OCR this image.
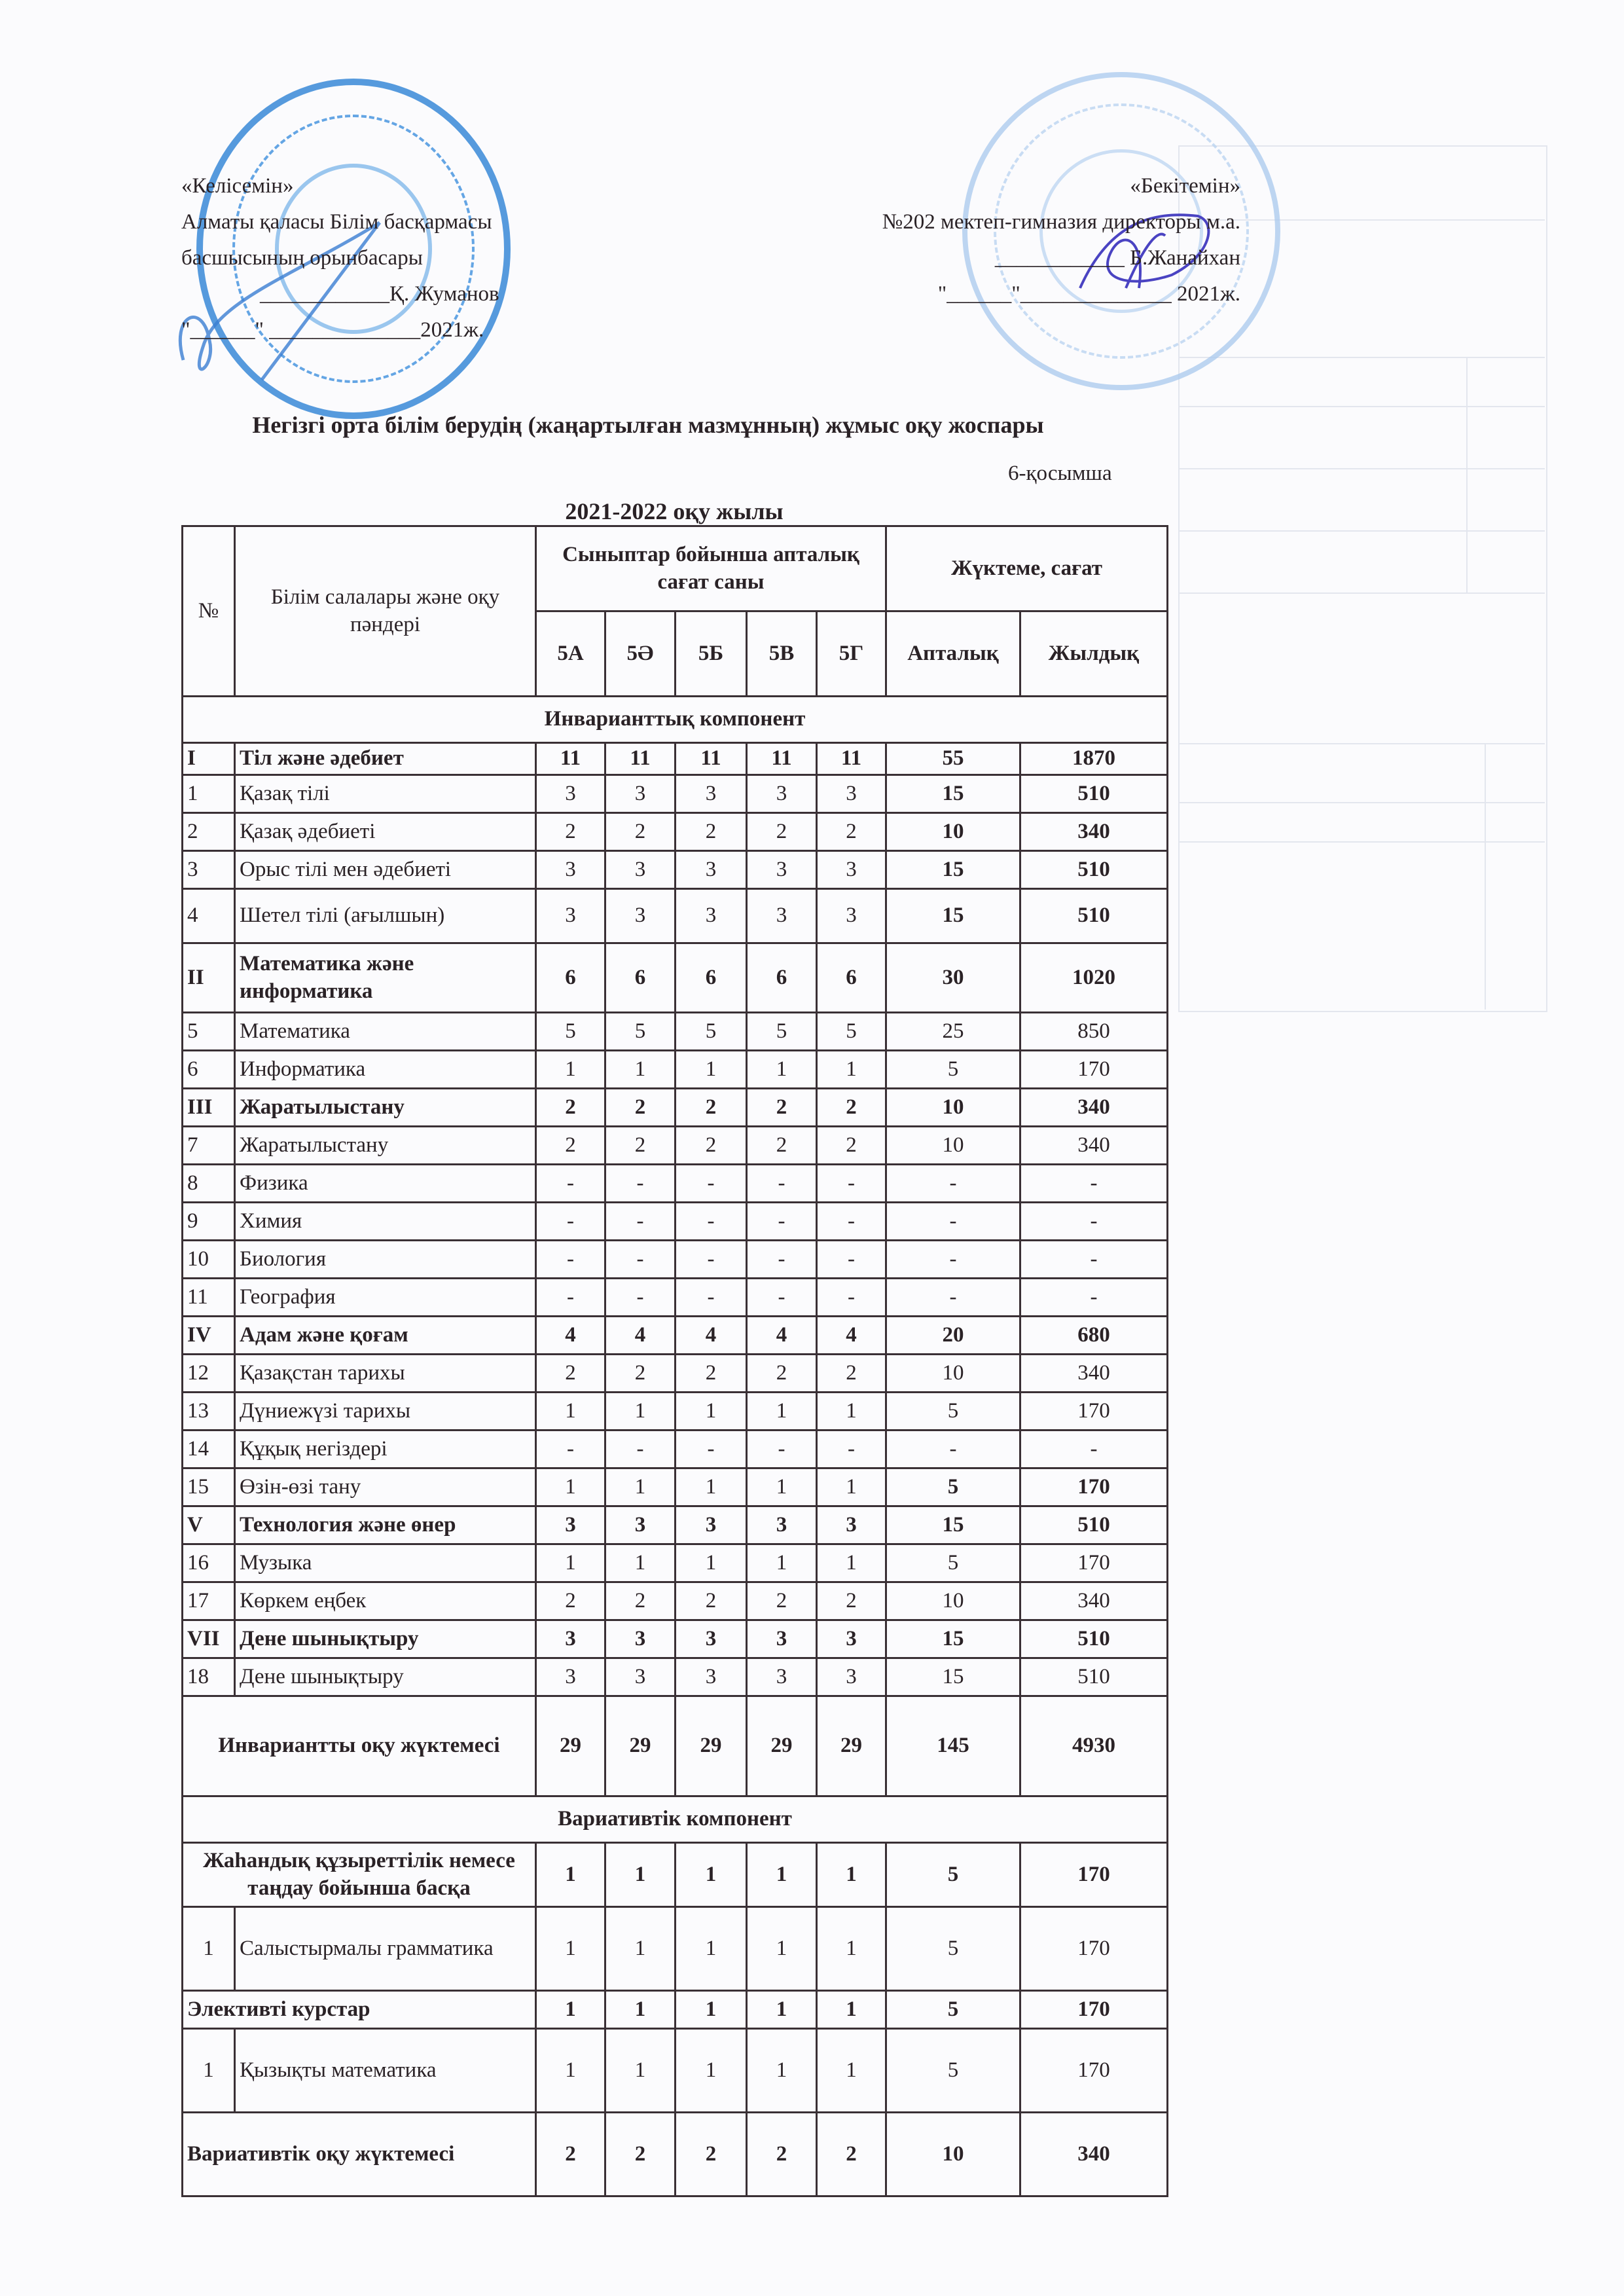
«Келісемін»
Алматы қаласы Білім басқармасы
басшысының орынбасары
____________Қ. Жуманов
"______" ______________2021ж.
«Бекітемін»
№202 мектеп-гимназия директоры м.а.
____________ Б.Жанайхан
"______"______________ 2021ж.
Негізгі орта білім берудің (жаңартылған мазмұнның) жұмыс оқу жоспары
6-қосымша
2021-2022 оқу жылы
№	Білім салалары және оқу пәндері	Сыныптар бойынша апталық сағат саны					Жүктеме, сағат	
		5А	5Ә	5Б	5В	5Г	Апталық	Жылдық
Инварианттық компонент								
I	Тіл және әдебиет	11	11	11	11	11	55	1870
1	Қазақ тілі	3	3	3	3	3	15	510
2	Қазақ әдебиеті	2	2	2	2	2	10	340
3	Орыс тілі мен әдебиеті	3	3	3	3	3	15	510
4	Шетел тілі (ағылшын)	3	3	3	3	3	15	510
II	Математика және информатика	6	6	6	6	6	30	1020
5	Математика	5	5	5	5	5	25	850
6	Информатика	1	1	1	1	1	5	170
III	Жаратылыстану	2	2	2	2	2	10	340
7	Жаратылыстану	2	2	2	2	2	10	340
8	Физика	-	-	-	-	-	-	-
9	Химия	-	-	-	-	-	-	-
10	Биология	-	-	-	-	-	-	-
11	География	-	-	-	-	-	-	-
IV	Адам және қоғам	4	4	4	4	4	20	680
12	Қазақстан тарихы	2	2	2	2	2	10	340
13	Дүниежүзі тарихы	1	1	1	1	1	5	170
14	Құқық негіздері	-	-	-	-	-	-	-
15	Өзін-өзі тану	1	1	1	1	1	5	170
V	Технология және өнер	3	3	3	3	3	15	510
16	Музыка	1	1	1	1	1	5	170
17	Көркем еңбек	2	2	2	2	2	10	340
VII	Дене шынықтыру	3	3	3	3	3	15	510
18	Дене шынықтыру	3	3	3	3	3	15	510
Инвариантты оқу жүктемесі		29	29	29	29	29	145	4930
Вариативтік компонент								
Жаһандық құзыреттілік немесе таңдау бойынша басқа		1	1	1	1	1	5	170
1	Салыстырмалы грамматика	1	1	1	1	1	5	170
Элективті курстар		1	1	1	1	1	5	170
1	Қызықты математика	1	1	1	1	1	5	170
Вариативтік оқу жүктемесі		2	2	2	2	2	10	340
